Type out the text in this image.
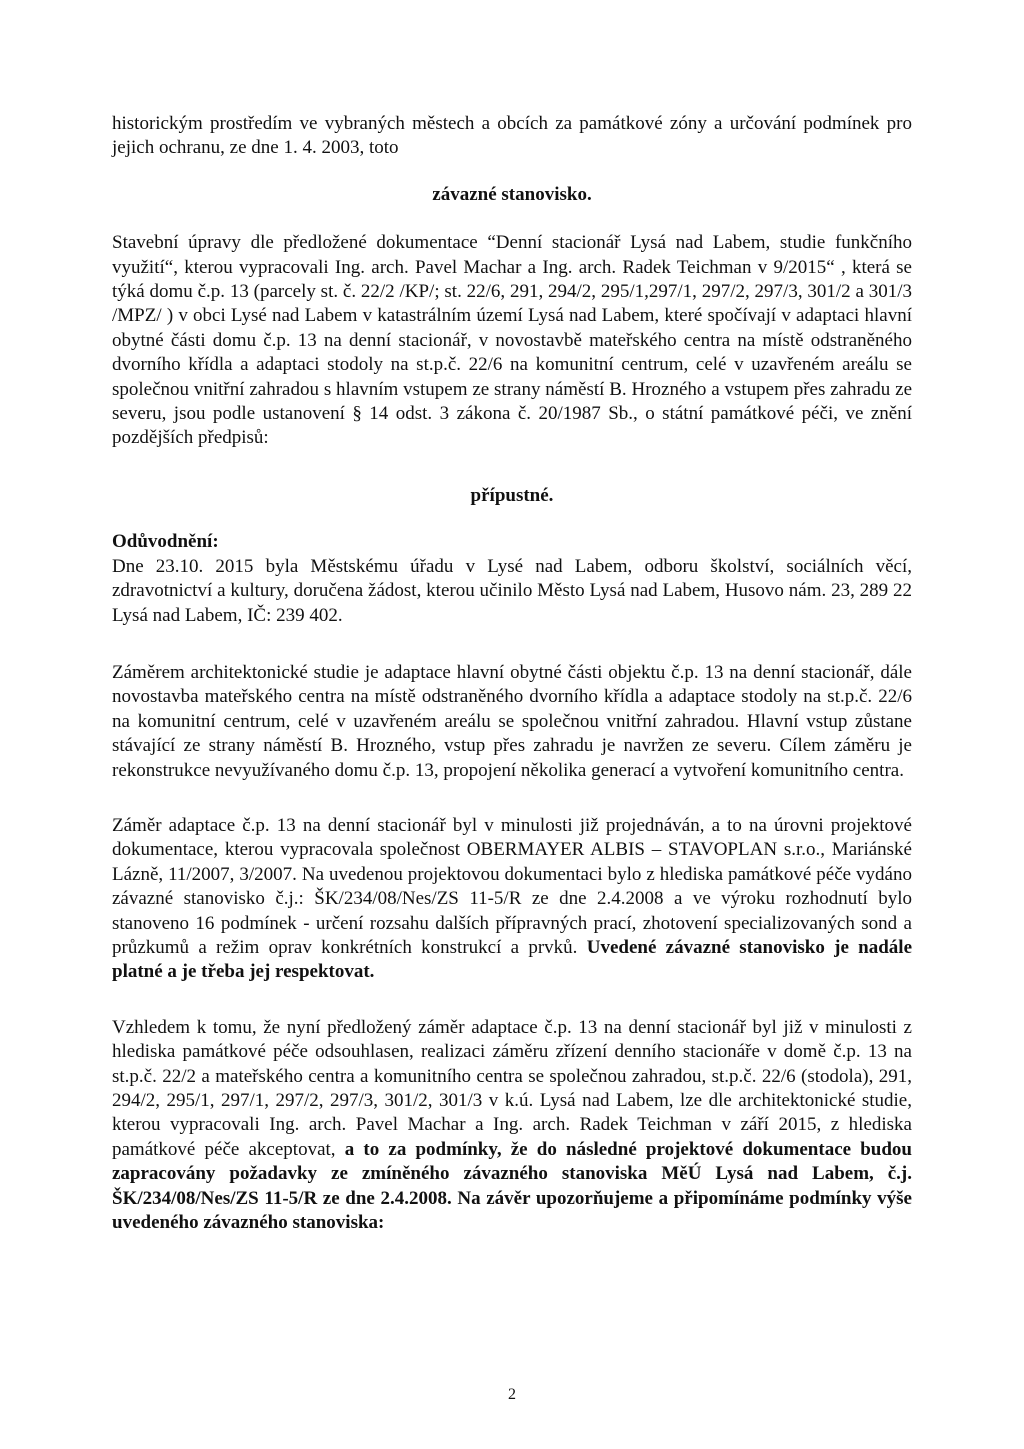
historickým prostředím ve vybraných městech a obcích za památkové zóny a určování podmínek pro jejich ochranu, ze dne 1. 4. 2003, toto

závazné stanovisko.

Stavební úpravy dle předložené dokumentace “Denní stacionář Lysá nad Labem, studie funkčního využití“, kterou vypracovali Ing. arch. Pavel Machar a Ing. arch. Radek Teichman v 9/2015“ , která se týká domu č.p. 13 (parcely st. č. 22/2 /KP/; st. 22/6, 291, 294/2, 295/1,297/1, 297/2, 297/3, 301/2 a 301/3 /MPZ/ ) v obci Lysé nad Labem v katastrálním území Lysá nad Labem, které spočívají v adaptaci hlavní obytné části domu č.p. 13 na denní stacionář, v novostavbě mateřského centra na místě odstraněného dvorního křídla a adaptaci stodoly na st.p.č. 22/6 na komunitní centrum, celé v uzavřeném areálu se společnou vnitřní zahradou s hlavním vstupem ze strany náměstí B. Hrozného a vstupem přes zahradu ze severu, jsou podle ustanovení § 14 odst. 3 zákona č. 20/1987 Sb., o státní památkové péči, ve znění pozdějších předpisů:

přípustné.

Odůvodnění:

Dne 23.10. 2015 byla Městskému úřadu v Lysé nad Labem, odboru školství, sociálních věcí, zdravotnictví a kultury, doručena žádost, kterou učinilo Město Lysá nad Labem, Husovo nám. 23, 289 22 Lysá nad Labem, IČ: 239 402.

Záměrem architektonické studie je adaptace hlavní obytné části objektu č.p. 13 na denní stacionář, dále novostavba mateřského centra na místě odstraněného dvorního křídla a adaptace stodoly na st.p.č. 22/6 na komunitní centrum, celé v uzavřeném areálu se společnou vnitřní zahradou. Hlavní vstup zůstane stávající ze strany náměstí B. Hrozného, vstup přes zahradu je navržen ze severu. Cílem záměru je rekonstrukce nevyužívaného domu č.p. 13, propojení několika generací a vytvoření komunitního centra.

Záměr adaptace č.p. 13 na denní stacionář byl v minulosti již projednáván, a to na úrovni projektové dokumentace, kterou vypracovala společnost OBERMAYER ALBIS – STAVOPLAN s.r.o., Mariánské Lázně, 11/2007, 3/2007. Na uvedenou projektovou dokumentaci bylo z hlediska památkové péče vydáno závazné stanovisko č.j.: ŠK/234/08/Nes/ZS 11-5/R ze dne 2.4.2008 a ve výroku rozhodnutí bylo stanoveno 16 podmínek - určení rozsahu dalších přípravných prací, zhotovení specializovaných sond a průzkumů a režim oprav konkrétních konstrukcí a prvků. Uvedené závazné stanovisko je nadále platné a je třeba jej respektovat.

Vzhledem k tomu, že nyní předložený záměr adaptace č.p. 13 na denní stacionář byl již v minulosti z hlediska památkové péče odsouhlasen, realizaci záměru zřízení denního stacionáře v domě č.p. 13 na st.p.č. 22/2 a mateřského centra a komunitního centra se společnou zahradou, st.p.č. 22/6 (stodola), 291, 294/2, 295/1, 297/1, 297/2, 297/3, 301/2, 301/3 v k.ú. Lysá nad Labem, lze dle architektonické studie, kterou vypracovali Ing. arch. Pavel Machar a Ing. arch. Radek Teichman v září 2015, z hlediska památkové péče akceptovat, a to za podmínky, že do následné projektové dokumentace budou zapracovány požadavky ze zmíněného závazného stanoviska MěÚ Lysá nad Labem, č.j. ŠK/234/08/Nes/ZS 11-5/R ze dne 2.4.2008. Na závěr upozorňujeme a připomínáme podmínky výše uvedeného závazného stanoviska:

2
